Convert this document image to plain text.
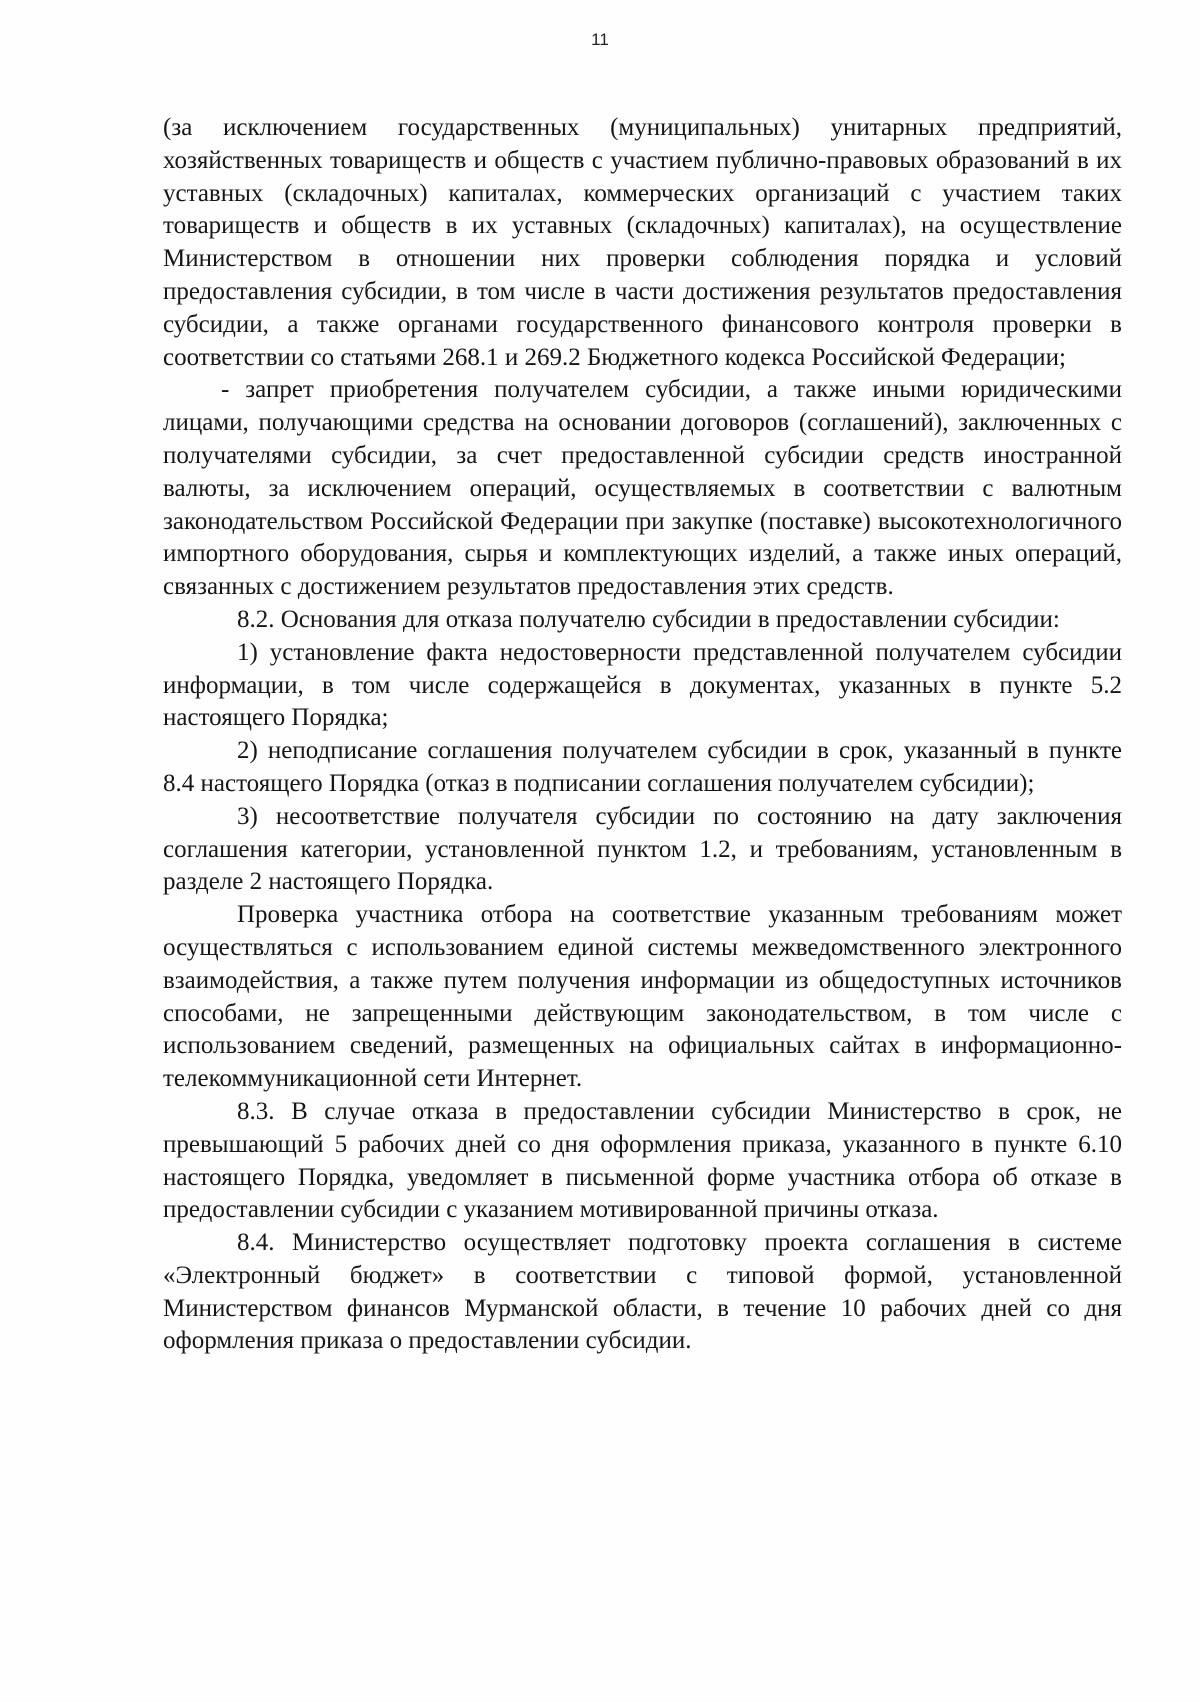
11

(за исключением государственных (муниципальных) унитарных предприятий, хозяйственных товариществ и обществ с участием публично-правовых образований в их уставных (складочных) капиталах, коммерческих организаций с участием таких товариществ и обществ в их уставных (складочных) капиталах), на осуществление Министерством в отношении них проверки соблюдения порядка и условий предоставления субсидии, в том числе в части достижения результатов предоставления субсидии, а также органами государственного финансового контроля проверки в соответствии со статьями 268.1 и 269.2 Бюджетного кодекса Российской Федерации;

- запрет приобретения получателем субсидии, а также иными юридическими лицами, получающими средства на основании договоров (соглашений), заключенных с получателями субсидии, за счет предоставленной субсидии средств иностранной валюты, за исключением операций, осуществляемых в соответствии с валютным законодательством Российской Федерации при закупке (поставке) высокотехнологичного импортного оборудования, сырья и комплектующих изделий, а также иных операций, связанных с достижением результатов предоставления этих средств.

8.2. Основания для отказа получателю субсидии в предоставлении субсидии:

1) установление факта недостоверности представленной получателем субсидии информации, в том числе содержащейся в документах, указанных в пункте 5.2 настоящего Порядка;

2) неподписание соглашения получателем субсидии в срок, указанный в пункте 8.4 настоящего Порядка (отказ в подписании соглашения получателем субсидии);

3) несоответствие получателя субсидии по состоянию на дату заключения соглашения категории, установленной пунктом 1.2, и требованиям, установленным в разделе 2 настоящего Порядка.

Проверка участника отбора на соответствие указанным требованиям может осуществляться с использованием единой системы межведомственного электронного взаимодействия, а также путем получения информации из общедоступных источников способами, не запрещенными действующим законодательством, в том числе с использованием сведений, размещенных на официальных сайтах в информационно-телекоммуникационной сети Интернет.

8.3. В случае отказа в предоставлении субсидии Министерство в срок, не превышающий 5 рабочих дней со дня оформления приказа, указанного в пункте 6.10 настоящего Порядка, уведомляет в письменной форме участника отбора об отказе в предоставлении субсидии с указанием мотивированной причины отказа.

8.4. Министерство осуществляет подготовку проекта соглашения в системе «Электронный бюджет» в соответствии с типовой формой, установленной Министерством финансов Мурманской области, в течение 10 рабочих дней со дня оформления приказа о предоставлении субсидии.
